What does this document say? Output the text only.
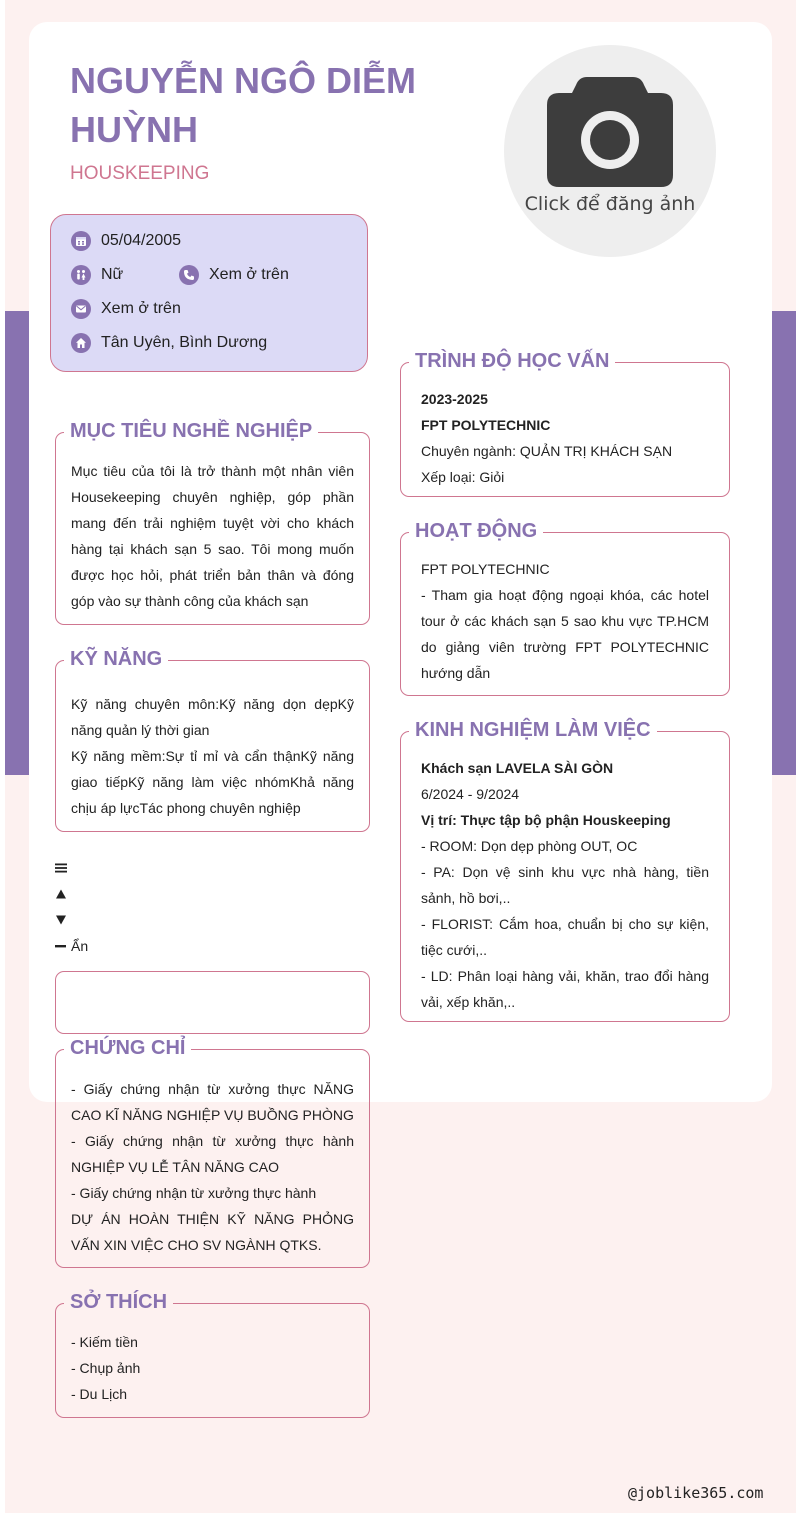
NGUYỄN NGÔ DIỄM HUỲNH
HOUSKEEPING
Click để đăng ảnh
05/04/2005
Nữ	Xem ở trên
Xem ở trên
Tân Uyên, Bình Dương
MỤC TIÊU NGHỀ NGHIỆP
Mục tiêu của tôi là trở thành một nhân viên Housekeeping chuyên nghiệp, góp phần mang đến trải nghiệm tuyệt vời cho khách hàng tại khách sạn 5 sao. Tôi mong muốn được học hỏi, phát triển bản thân và đóng góp vào sự thành công của khách sạn
KỸ NĂNG
Kỹ năng chuyên môn:Kỹ năng dọn dẹpKỹ năng quản lý thời gian
Kỹ năng mềm:Sự tỉ mỉ và cẩn thậnKỹ năng giao tiếpKỹ năng làm việc nhómKhả năng chịu áp lựcTác phong chuyên nghiệp
Ẩn
CHỨNG CHỈ
- Giấy chứng nhận từ xưởng thực NĂNG CAO KĨ NĂNG NGHIỆP VỤ BUỒNG PHÒNG
- Giấy chứng nhận từ xưởng thực hành NGHIỆP VỤ LỄ TÂN NĂNG CAO
- Giấy chứng nhận từ xưởng thực hành
DỰ ÁN HOÀN THIỆN KỸ NĂNG PHỎNG VẤN XIN VIỆC CHO SV NGÀNH QTKS.
SỞ THÍCH
- Kiếm tiền
- Chụp ảnh
- Du Lịch
TRÌNH ĐỘ HỌC VẤN
2023-2025
FPT POLYTECHNIC
Chuyên ngành: QUẢN TRỊ KHÁCH SẠN
Xếp loại: Giỏi
HOẠT ĐỘNG
FPT POLYTECHNIC
- Tham gia hoạt động ngoại khóa, các hotel tour ở các khách sạn 5 sao khu vực TP.HCM do giảng viên trường FPT POLYTECHNIC hướng dẫn
KINH NGHIỆM LÀM VIỆC
Khách sạn LAVELA SÀI GÒN
6/2024 - 9/2024
Vị trí: Thực tập bộ phận Houskeeping
- ROOM: Dọn dẹp phòng OUT, OC
- PA: Dọn vệ sinh khu vực nhà hàng, tiền sảnh, hồ bơi,..
- FLORIST: Cắm hoa, chuẩn bị cho sự kiện, tiệc cưới,..
- LD: Phân loại hàng vải, khăn, trao đổi hàng vải, xếp khăn,..
@joblike365.com
